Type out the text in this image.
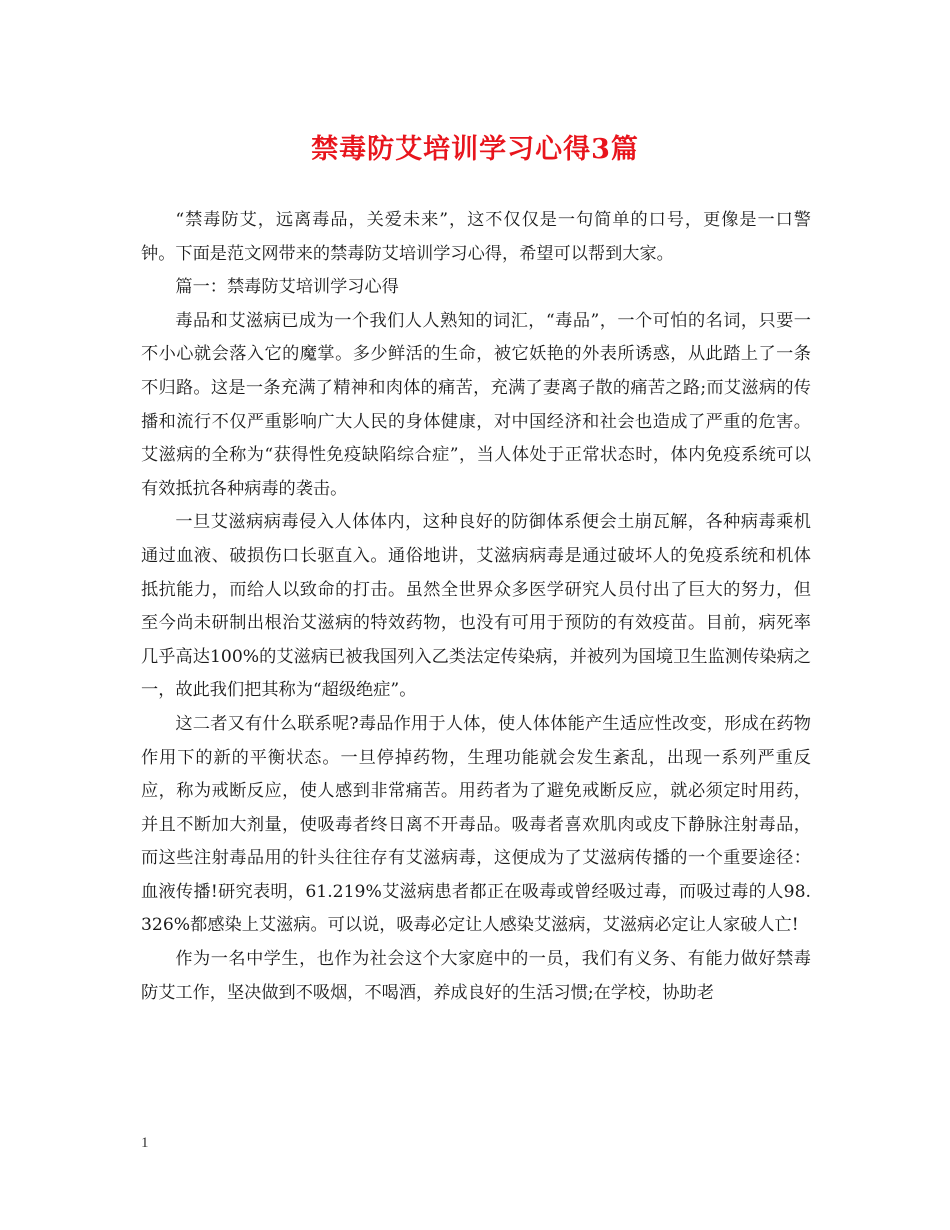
禁毒防艾培训学习心得3篇

“禁毒防艾，远离毒品，关爱未来”，这不仅仅是一句简单的口号，更像是一口警钟。下面是范文网带来的禁毒防艾培训学习心得，希望可以帮到大家。

篇一：禁毒防艾培训学习心得

毒品和艾滋病已成为一个我们人人熟知的词汇，“毒品”，一个可怕的名词，只要一不小心就会落入它的魔掌。多少鲜活的生命，被它妖艳的外表所诱惑，从此踏上了一条不归路。这是一条充满了精神和肉体的痛苦，充满了妻离子散的痛苦之路;而艾滋病的传播和流行不仅严重影响广大人民的身体健康，对中国经济和社会也造成了严重的危害。艾滋病的全称为“获得性免疫缺陷综合症”，当人体处于正常状态时，体内免疫系统可以有效抵抗各种病毒的袭击。

一旦艾滋病病毒侵入人体体内，这种良好的防御体系便会土崩瓦解，各种病毒乘机通过血液、破损伤口长驱直入。通俗地讲，艾滋病病毒是通过破坏人的免疫系统和机体抵抗能力，而给人以致命的打击。虽然全世界众多医学研究人员付出了巨大的努力，但至今尚未研制出根治艾滋病的特效药物，也没有可用于预防的有效疫苗。目前，病死率几乎高达100%的艾滋病已被我国列入乙类法定传染病，并被列为国境卫生监测传染病之一，故此我们把其称为“超级绝症”。

这二者又有什么联系呢?毒品作用于人体，使人体体能产生适应性改变，形成在药物作用下的新的平衡状态。一旦停掉药物，生理功能就会发生紊乱，出现一系列严重反应，称为戒断反应，使人感到非常痛苦。用药者为了避免戒断反应，就必须定时用药，并且不断加大剂量，使吸毒者终日离不开毒品。吸毒者喜欢肌肉或皮下静脉注射毒品，而这些注射毒品用的针头往往存有艾滋病毒，这便成为了艾滋病传播的一个重要途径：血液传播!研究表明，61.219%艾滋病患者都正在吸毒或曾经吸过毒，而吸过毒的人98.326%都感染上艾滋病。可以说，吸毒必定让人感染艾滋病，艾滋病必定让人家破人亡!

作为一名中学生，也作为社会这个大家庭中的一员，我们有义务、有能力做好禁毒防艾工作，坚决做到不吸烟，不喝酒，养成良好的生活习惯;在学校，协助老

1
